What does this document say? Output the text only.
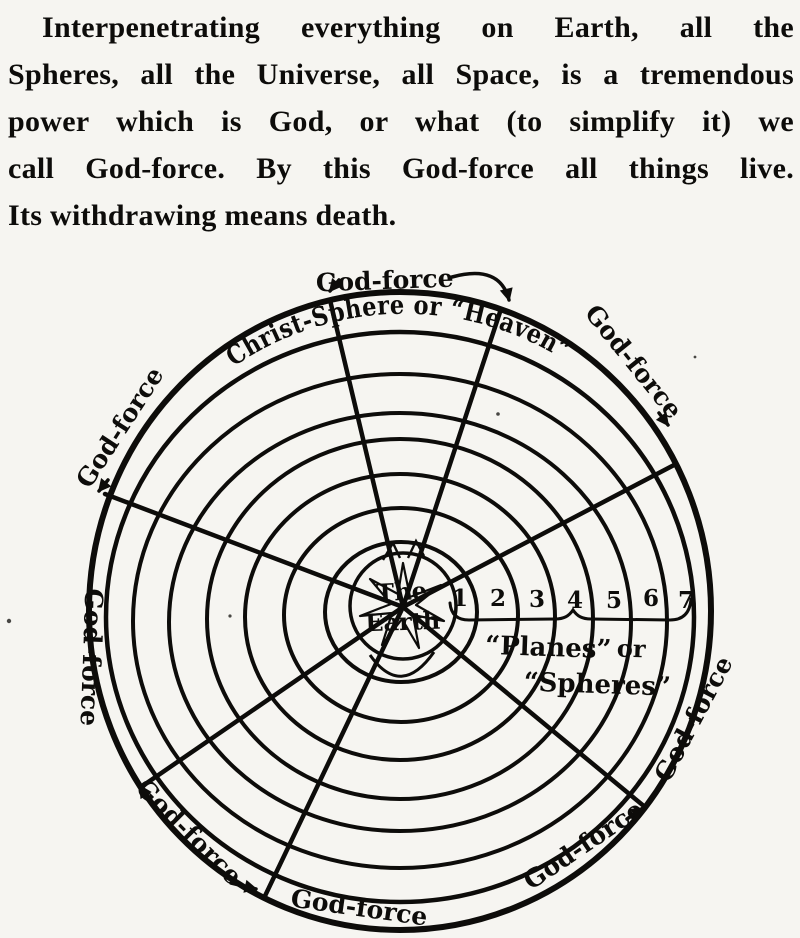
Interpenetrating everything on Earth, all the
Spheres, all the Universe, all Space, is a tremendous
power which is God, or what (to simplify it) we
call God-force. By this God-force all things live.
Its withdrawing means death.
The
Earth
Christ-Sphere or “Heaven”
1 2 3 4 5 6 7
“Planes” or
“Spheres”
God-force
God-force
God-force
God-force
God-force
God-force
God-force
God-force
